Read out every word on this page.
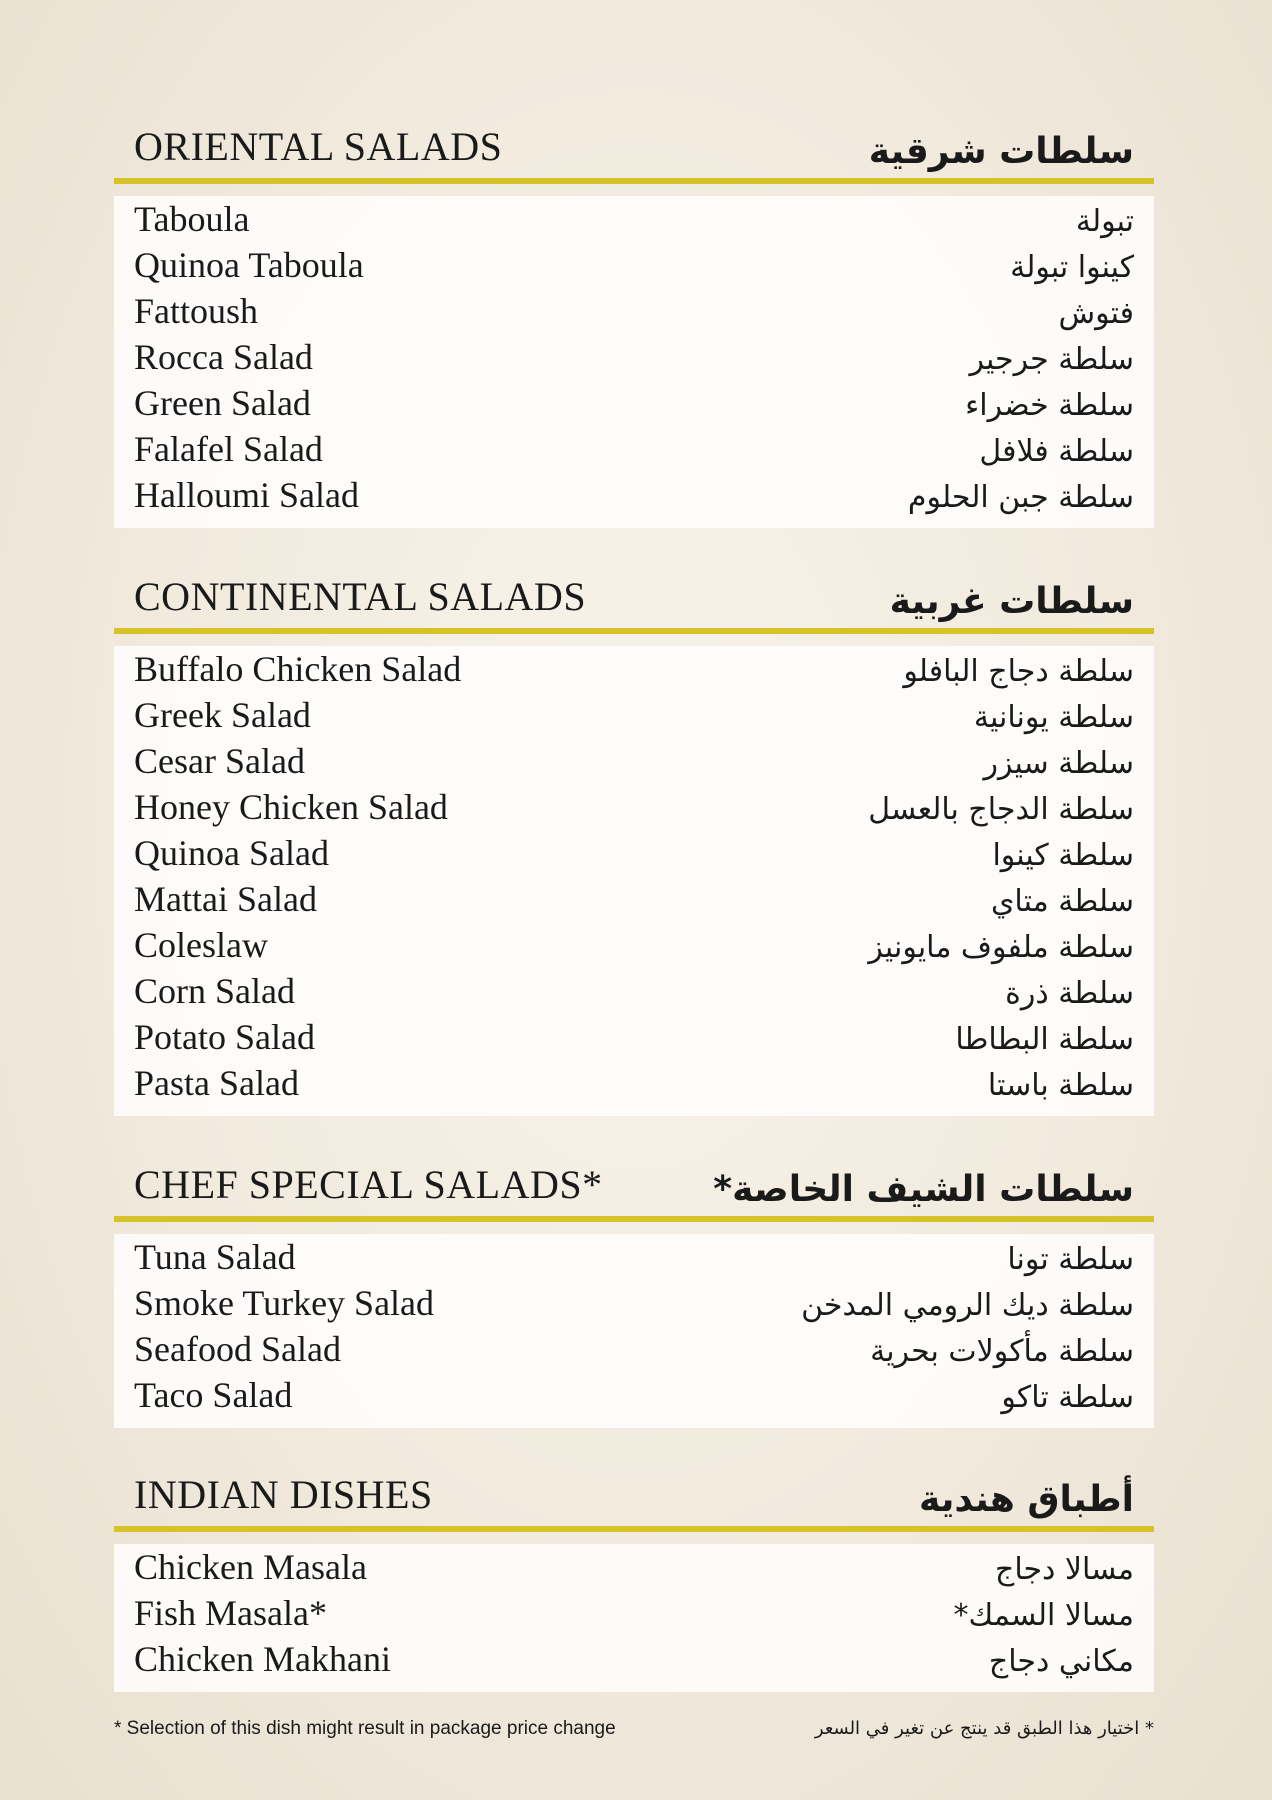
ORIENTAL SALADS	سلطات شرقية
Taboula	تبولة
Quinoa Taboula	كينوا تبولة
Fattoush	فتوش
Rocca Salad	سلطة جرجير
Green Salad	سلطة خضراء
Falafel Salad	سلطة فلافل
Halloumi Salad	سلطة جبن الحلوم
CONTINENTAL SALADS	سلطات غربية
Buffalo Chicken Salad	سلطة دجاج البافلو
Greek Salad	سلطة يونانية
Cesar Salad	سلطة سيزر
Honey Chicken Salad	سلطة الدجاج بالعسل
Quinoa Salad	سلطة كينوا
Mattai Salad	سلطة متاي
Coleslaw	سلطة ملفوف مايونيز
Corn Salad	سلطة ذرة
Potato Salad	سلطة البطاطا
Pasta Salad	سلطة باستا
CHEF SPECIAL SALADS*	سلطات الشيف الخاصة*
Tuna Salad	سلطة تونا
Smoke Turkey Salad	سلطة ديك الرومي المدخن
Seafood Salad	سلطة مأكولات بحرية
Taco Salad	سلطة تاكو
INDIAN DISHES	أطباق هندية
Chicken Masala	مسالا دجاج
Fish Masala*	مسالا السمك*
Chicken Makhani	مكاني دجاج
* Selection of this dish might result in package price change	* اختيار هذا الطبق قد ينتج عن تغير في السعر
